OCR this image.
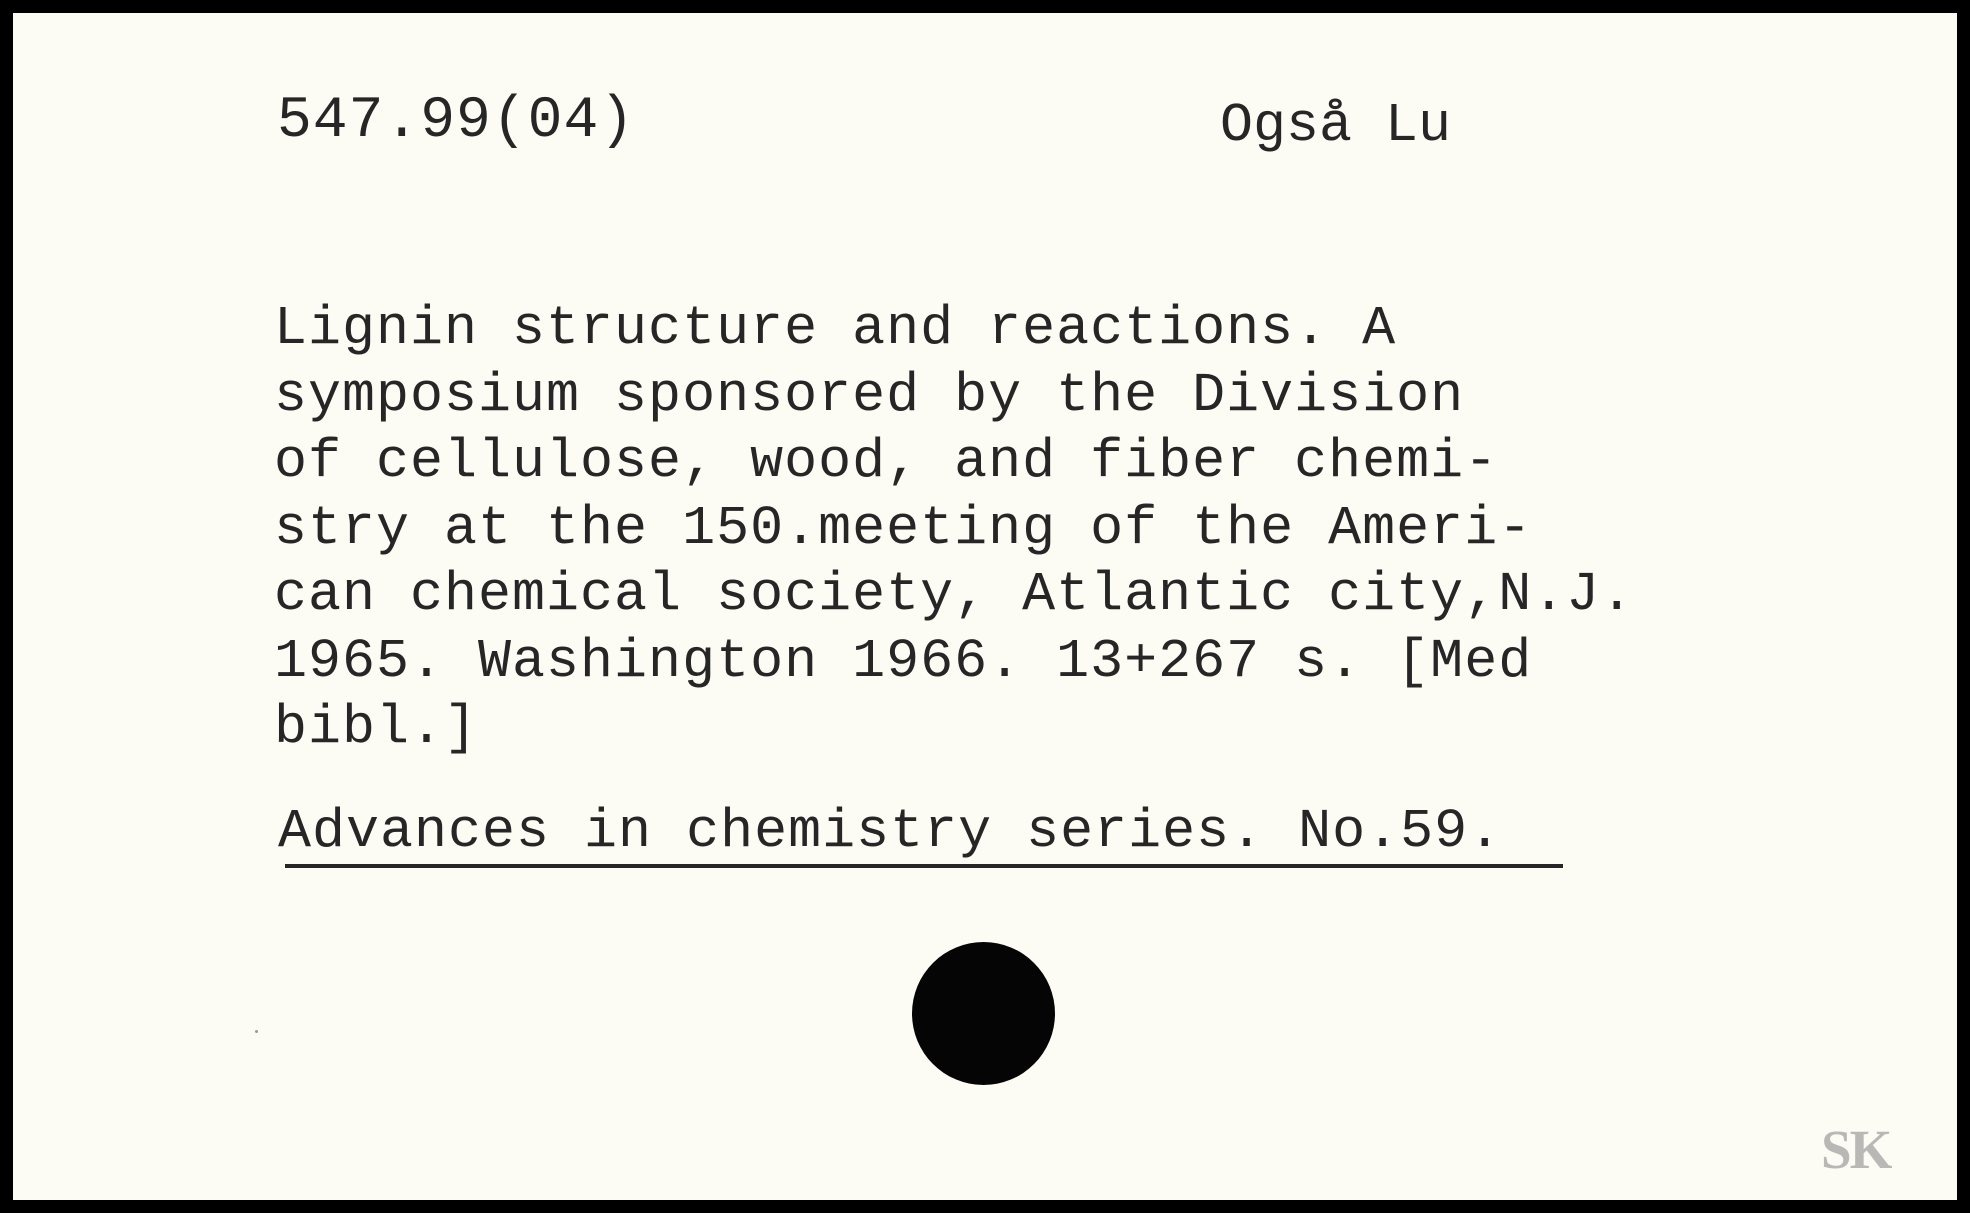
547.99(04)	Også Lu
Lignin structure and reactions. A
symposium sponsored by the Division
of cellulose, wood, and fiber chemi-
stry at the 150.meeting of the Ameri-
can chemical society, Atlantic city,N.J.
1965. Washington 1966. 13+267 s. [Med
bibl.]
Advances in chemistry series. No.59.
SK
